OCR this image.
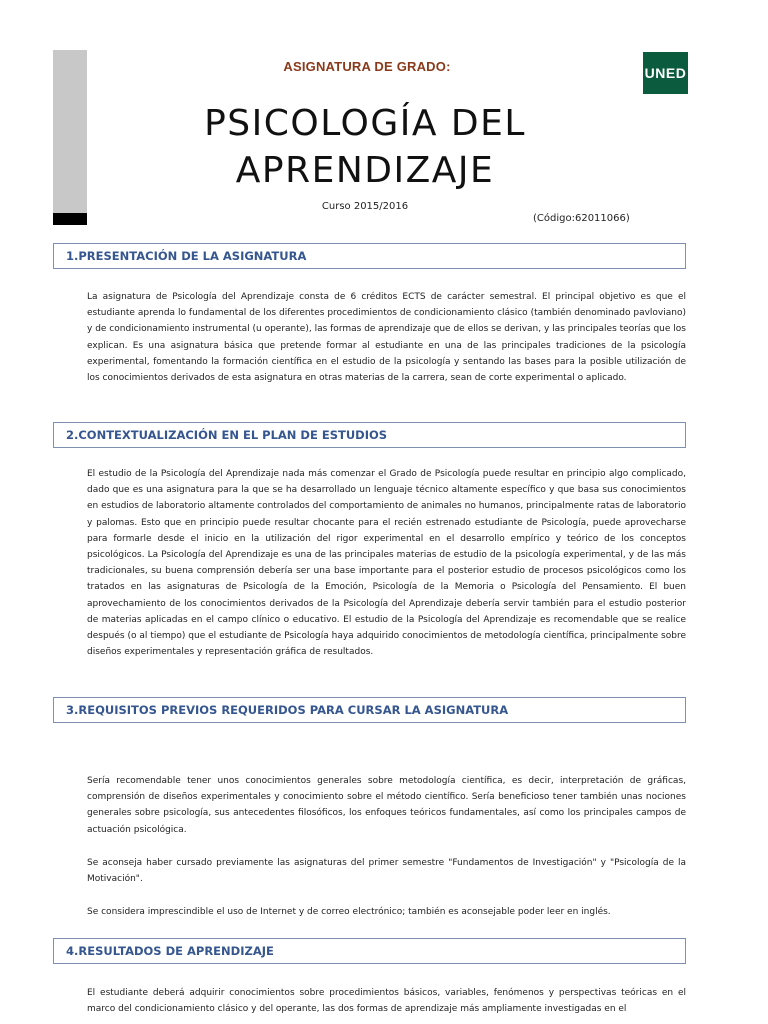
UNED
ASIGNATURA DE GRADO:
PSICOLOGÍA DEL
APRENDIZAJE
Curso 2015/2016
(Código:62011066)
1.PRESENTACIÓN DE LA ASIGNATURA

La asignatura de Psicología del Aprendizaje consta de 6 créditos ECTS de carácter semestral. El principal objetivo es que el estudiante aprenda lo fundamental de los diferentes procedimientos de condicionamiento clásico (también denominado pavloviano) y de condicionamiento instrumental (u operante), las formas de aprendizaje que de ellos se derivan, y las principales teorías que los explican. Es una asignatura básica que pretende formar al estudiante en una de las principales tradiciones de la psicología experimental, fomentando la formación científica en el estudio de la psicología y sentando las bases para la posible utilización de los conocimientos derivados de esta asignatura en otras materias de la carrera, sean de corte experimental o aplicado.

2.CONTEXTUALIZACIÓN EN EL PLAN DE ESTUDIOS

El estudio de la Psicología del Aprendizaje nada más comenzar el Grado de Psicología puede resultar en principio algo complicado, dado que es una asignatura para la que se ha desarrollado un lenguaje técnico altamente específico y que basa sus conocimientos en estudios de laboratorio altamente controlados del comportamiento de animales no humanos, principalmente ratas de laboratorio y palomas. Esto que en principio puede resultar chocante para el recién estrenado estudiante de Psicología, puede aprovecharse para formarle desde el inicio en la utilización del rigor experimental en el desarrollo empírico y teórico de los conceptos psicológicos. La Psicología del Aprendizaje es una de las principales materias de estudio de la psicología experimental, y de las más tradicionales, su buena comprensión debería ser una base importante para el posterior estudio de procesos psicológicos como los tratados en las asignaturas de Psicología de la Emoción, Psicología de la Memoria o Psicología del Pensamiento. El buen aprovechamiento de los conocimientos derivados de la Psicología del Aprendizaje debería servir también para el estudio posterior de materias aplicadas en el campo clínico o educativo. El estudio de la Psicología del Aprendizaje es recomendable que se realice después (o al tiempo) que el estudiante de Psicología haya adquirido conocimientos de metodología científica, principalmente sobre diseños experimentales y representación gráfica de resultados.

3.REQUISITOS PREVIOS REQUERIDOS PARA CURSAR LA ASIGNATURA

Sería recomendable tener unos conocimientos generales sobre metodología científica, es decir, interpretación de gráficas, comprensión de diseños experimentales y conocimiento sobre el método científico. Sería beneficioso tener también unas nociones generales sobre psicología, sus antecedentes filosóficos, los enfoques teóricos fundamentales, así como los principales campos de actuación psicológica.

Se aconseja haber cursado previamente las asignaturas del primer semestre "Fundamentos de Investigación" y "Psicología de la Motivación".

Se considera imprescindible el uso de Internet y de correo electrónico; también es aconsejable poder leer en inglés.

4.RESULTADOS DE APRENDIZAJE

El estudiante deberá adquirir conocimientos sobre procedimientos básicos, variables, fenómenos y perspectivas teóricas en el marco del condicionamiento clásico y del operante, las dos formas de aprendizaje más ampliamente investigadas en el
